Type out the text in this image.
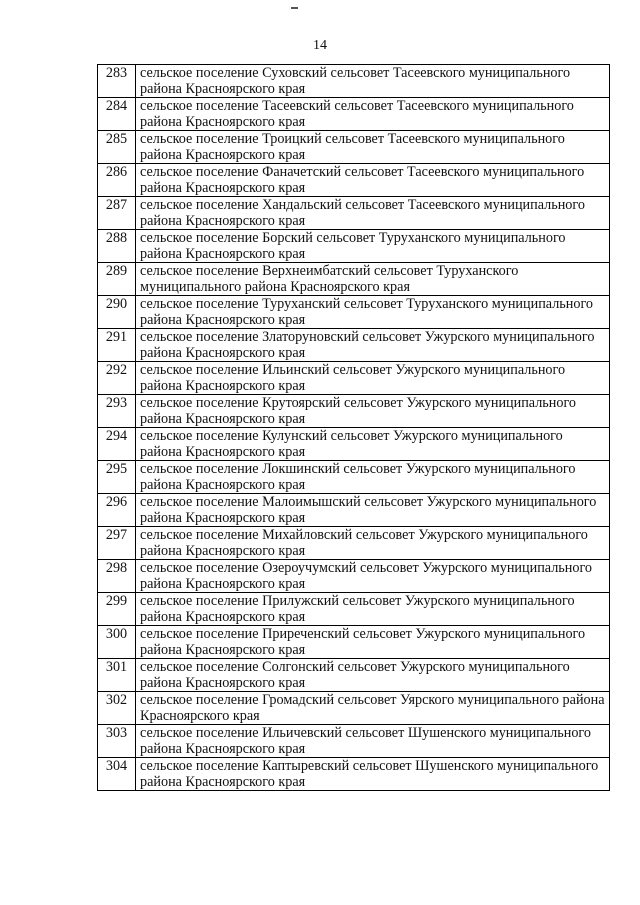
14
283	сельское поселение Суховский сельсовет Тасеевского муниципального района Красноярского края
284	сельское поселение Тасеевский сельсовет Тасеевского муниципального района Красноярского края
285	сельское поселение Троицкий сельсовет Тасеевского муниципального района Красноярского края
286	сельское поселение Фаначетский сельсовет Тасеевского муниципального района Красноярского края
287	сельское поселение Хандальский сельсовет Тасеевского муниципального района Красноярского края
288	сельское поселение Борский сельсовет Туруханского муниципального района Красноярского края
289	сельское поселение Верхнеимбатский сельсовет Туруханского муниципального района Красноярского края
290	сельское поселение Туруханский сельсовет Туруханского муниципального района Красноярского края
291	сельское поселение Златоруновский сельсовет Ужурского муниципального района Красноярского края
292	сельское поселение Ильинский сельсовет Ужурского муниципального района Красноярского края
293	сельское поселение Крутоярский сельсовет Ужурского муниципального района Красноярского края
294	сельское поселение Кулунский сельсовет Ужурского муниципального района Красноярского края
295	сельское поселение Локшинский сельсовет Ужурского муниципального района Красноярского края
296	сельское поселение Малоимышский сельсовет Ужурского муниципального района Красноярского края
297	сельское поселение Михайловский сельсовет Ужурского муниципального района Красноярского края
298	сельское поселение Озероучумский сельсовет Ужурского муниципального района Красноярского края
299	сельское поселение Прилужский сельсовет Ужурского муниципального района Красноярского края
300	сельское поселение Приреченский сельсовет Ужурского муниципального района Красноярского края
301	сельское поселение Солгонский сельсовет Ужурского муниципального района Красноярского края
302	сельское поселение Громадский сельсовет Уярского муниципального района Красноярского края
303	сельское поселение Ильичевский сельсовет Шушенского муниципального района Красноярского края
304	сельское поселение Каптыревский сельсовет Шушенского муниципального района Красноярского края
